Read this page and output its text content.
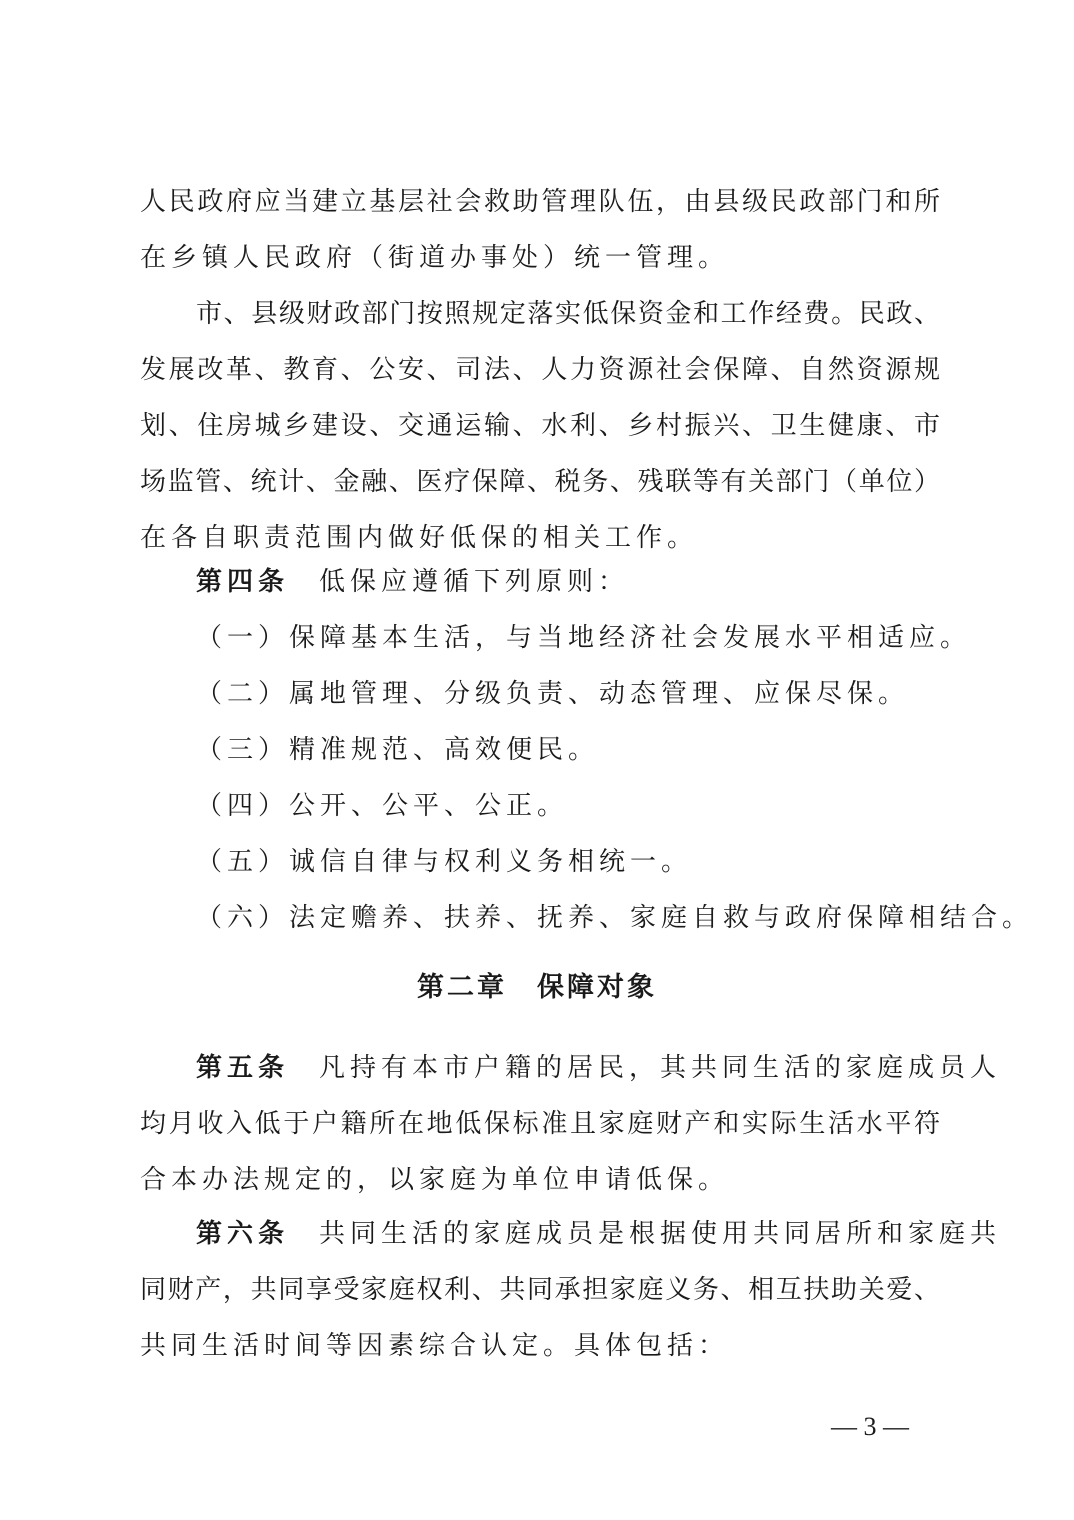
人民政府应当建立基层社会救助管理队伍，由县级民政部门和所
在乡镇人民政府（街道办事处）统一管理。
市、县级财政部门按照规定落实低保资金和工作经费。民政、
发展改革、教育、公安、司法、人力资源社会保障、自然资源规
划、住房城乡建设、交通运输、水利、乡村振兴、卫生健康、市
场监管、统计、金融、医疗保障、税务、残联等有关部门（单位）
在各自职责范围内做好低保的相关工作。
第四条 低保应遵循下列原则：
（一）保障基本生活，与当地经济社会发展水平相适应。
（二）属地管理、分级负责、动态管理、应保尽保。
（三）精准规范、高效便民。
（四）公开、公平、公正。
（五）诚信自律与权利义务相统一。
（六）法定赡养、扶养、抚养、家庭自救与政府保障相结合。
第二章　保障对象
第五条 凡持有本市户籍的居民，其共同生活的家庭成员人
均月收入低于户籍所在地低保标准且家庭财产和实际生活水平符
合本办法规定的，以家庭为单位申请低保。
第六条 共同生活的家庭成员是根据使用共同居所和家庭共
同财产，共同享受家庭权利、共同承担家庭义务、相互扶助关爱、
共同生活时间等因素综合认定。具体包括：
— 3 —
